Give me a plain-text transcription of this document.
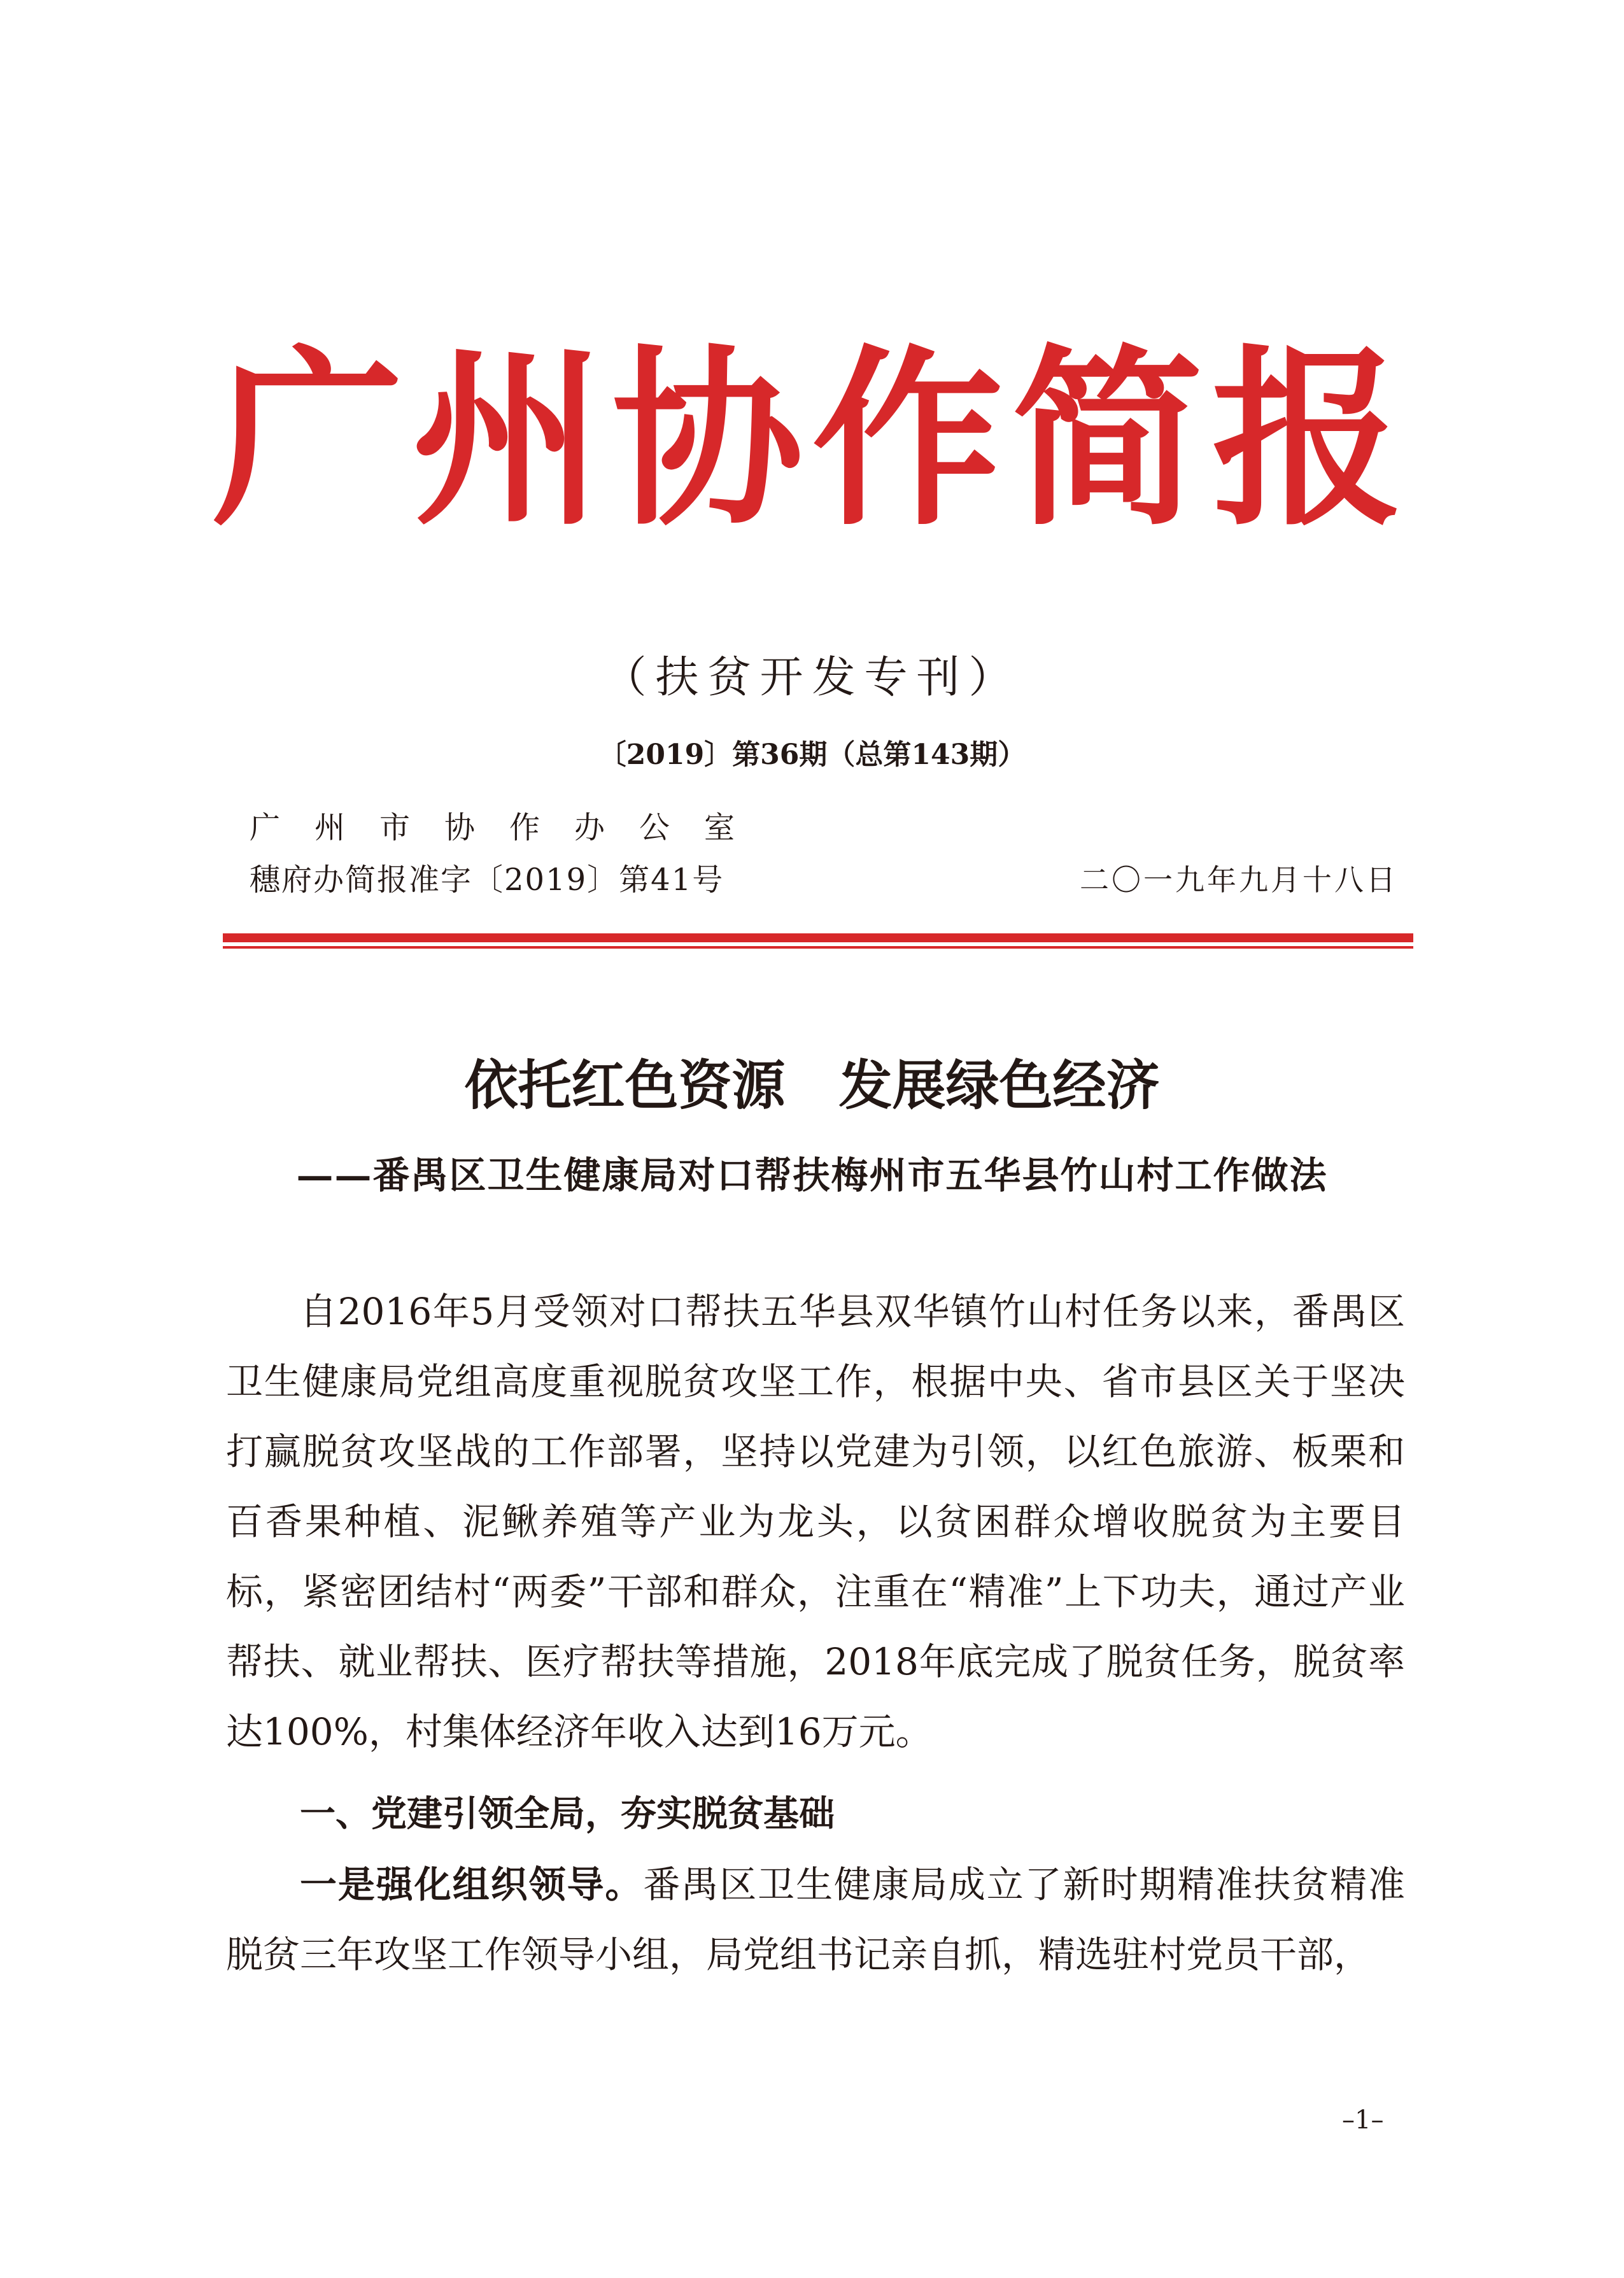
广州协作简报
（扶贫开发专刊）
〔2019〕第36期（总第143期）
广州市协作办公室
穗府办简报准字〔2019〕第41号	二〇一九年九月十八日
依托红色资源　发展绿色经济
——番禺区卫生健康局对口帮扶梅州市五华县竹山村工作做法

自2016年5月受领对口帮扶五华县双华镇竹山村任务以来，番禺区卫生健康局党组高度重视脱贫攻坚工作，根据中央、省市县区关于坚决打赢脱贫攻坚战的工作部署，坚持以党建为引领，以红色旅游、板栗和百香果种植、泥鳅养殖等产业为龙头，以贫困群众增收脱贫为主要目标，紧密团结村“两委”干部和群众，注重在“精准”上下功夫，通过产业帮扶、就业帮扶、医疗帮扶等措施，2018年底完成了脱贫任务，脱贫率达100%，村集体经济年收入达到16万元。

一、党建引领全局，夯实脱贫基础

一是强化组织领导。番禺区卫生健康局成立了新时期精准扶贫精准脱贫三年攻坚工作领导小组，局党组书记亲自抓，精选驻村党员干部，

–1–
